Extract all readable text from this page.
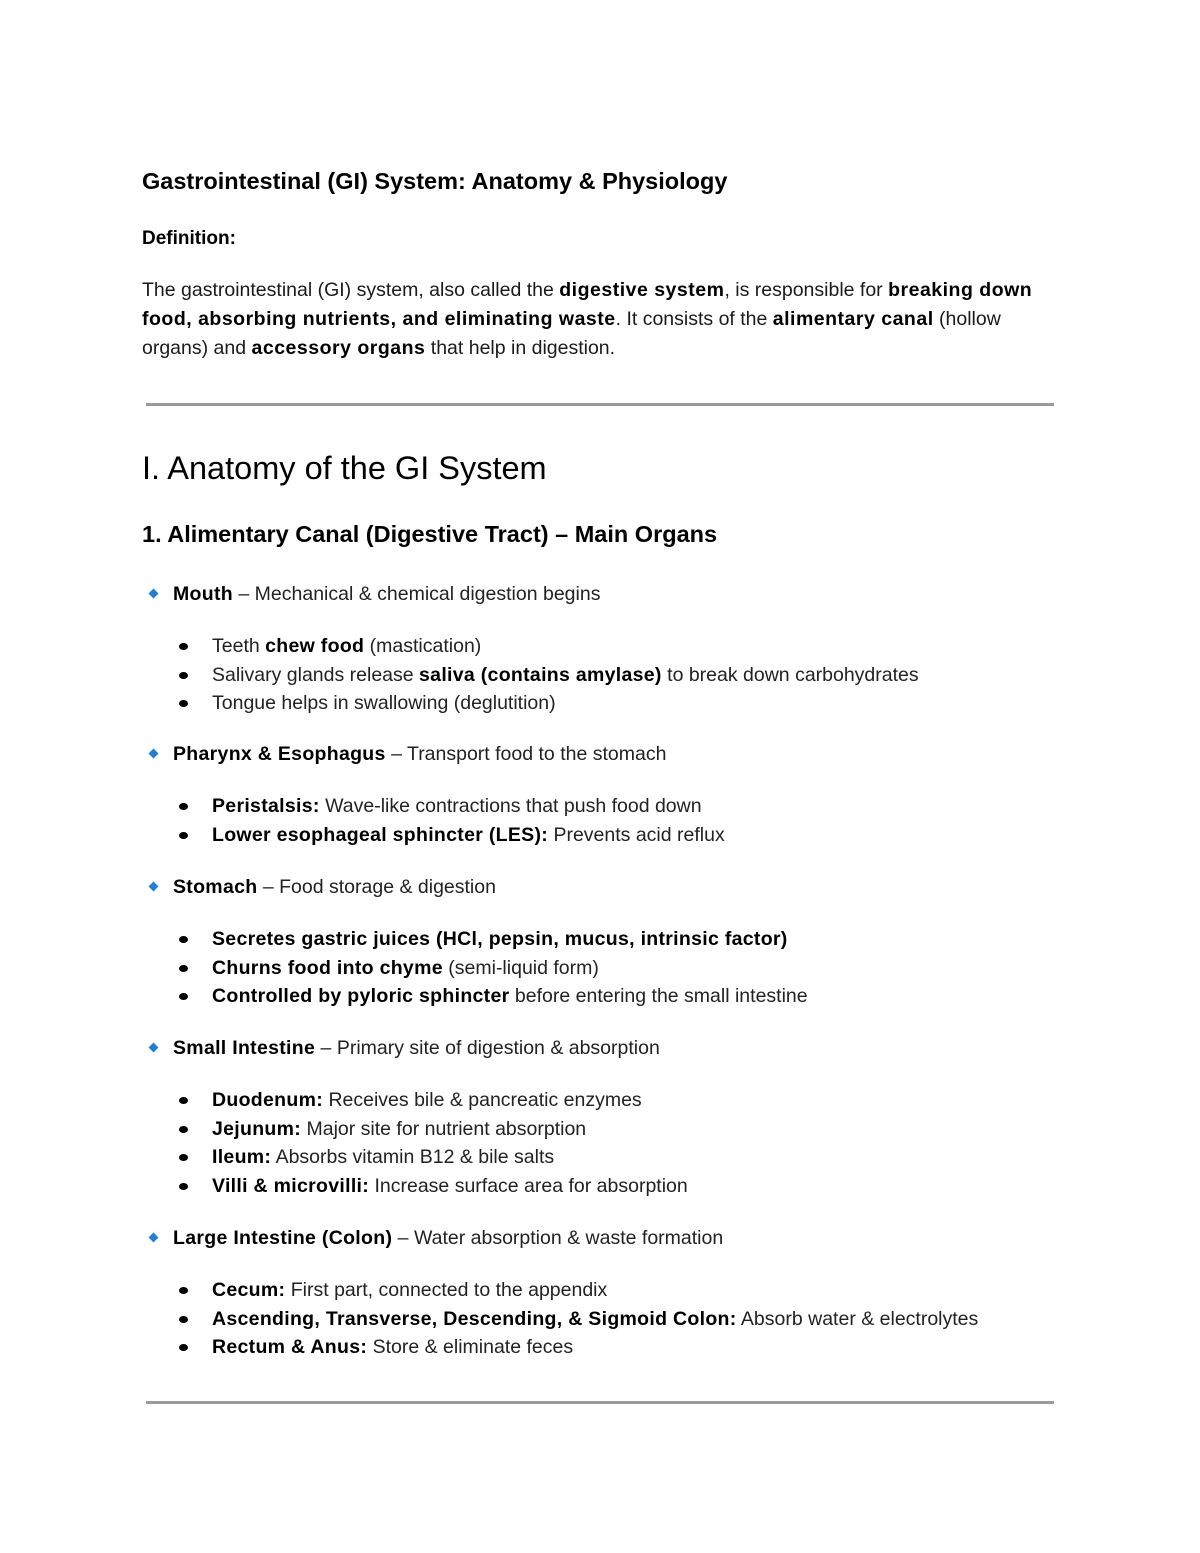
Gastrointestinal (GI) System: Anatomy & Physiology

Definition:

The gastrointestinal (GI) system, also called the digestive system, is responsible for breaking down food, absorbing nutrients, and eliminating waste. It consists of the alimentary canal (hollow organs) and accessory organs that help in digestion.

I. Anatomy of the GI System
1. Alimentary Canal (Digestive Tract) – Main Organs
Mouth – Mechanical & chemical digestion begins
Teeth chew food (mastication)
Salivary glands release saliva (contains amylase) to break down carbohydrates
Tongue helps in swallowing (deglutition)
Pharynx & Esophagus – Transport food to the stomach
Peristalsis: Wave-like contractions that push food down
Lower esophageal sphincter (LES): Prevents acid reflux
Stomach – Food storage & digestion
Secretes gastric juices (HCl, pepsin, mucus, intrinsic factor)
Churns food into chyme (semi-liquid form)
Controlled by pyloric sphincter before entering the small intestine
Small Intestine – Primary site of digestion & absorption
Duodenum: Receives bile & pancreatic enzymes
Jejunum: Major site for nutrient absorption
Ileum: Absorbs vitamin B12 & bile salts
Villi & microvilli: Increase surface area for absorption
Large Intestine (Colon) – Water absorption & waste formation
Cecum: First part, connected to the appendix
Ascending, Transverse, Descending, & Sigmoid Colon: Absorb water & electrolytes
Rectum & Anus: Store & eliminate feces
